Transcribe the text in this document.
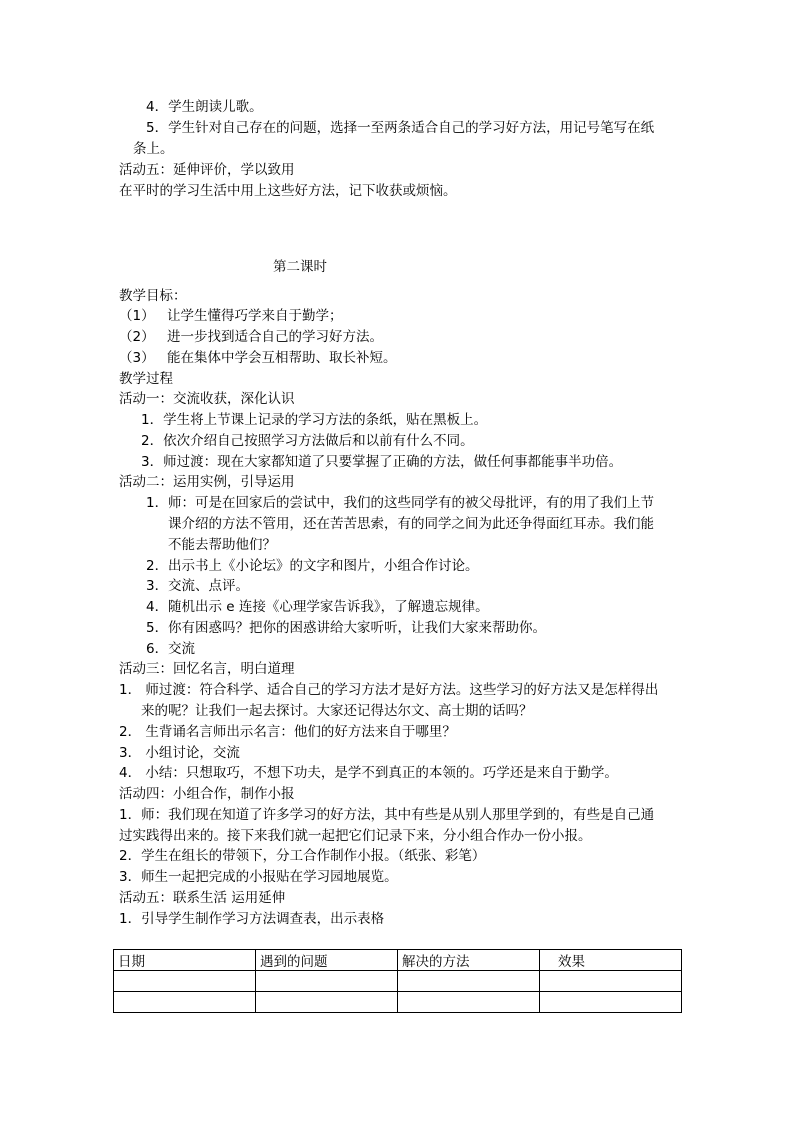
4．学生朗读儿歌。

5．学生针对自己存在的问题，选择一至两条适合自己的学习好方法，用记号笔写在纸

条上。

活动五：延伸评价，学以致用

在平时的学习生活中用上这些好方法，记下收获或烦恼。

第二课时

教学目标：

（1） 让学生懂得巧学来自于勤学；

（2） 进一步找到适合自己的学习好方法。

（3） 能在集体中学会互相帮助、取长补短。

教学过程

活动一：交流收获，深化认识

1．学生将上节课上记录的学习方法的条纸，贴在黑板上。

2．依次介绍自己按照学习方法做后和以前有什么不同。

3．师过渡：现在大家都知道了只要掌握了正确的方法，做任何事都能事半功倍。

活动二：运用实例，引导运用

1． 师：可是在回家后的尝试中，我们的这些同学有的被父母批评，有的用了我们上节

课介绍的方法不管用，还在苦苦思索，有的同学之间为此还争得面红耳赤。我们能

不能去帮助他们？

2．出示书上《小论坛》的文字和图片，小组合作讨论。

3．交流、点评。

4．随机出示 e 连接《心理学家告诉我》，了解遗忘规律。

5．你有困惑吗？把你的困惑讲给大家听听，让我们大家来帮助你。

6．交流

活动三：回忆名言，明白道理

1． 师过渡：符合科学、适合自己的学习方法才是好方法。这些学习的好方法又是怎样得出

来的呢？让我们一起去探讨。大家还记得达尔文、高士期的话吗？

2． 生背诵名言师出示名言：他们的好方法来自于哪里？

3． 小组讨论，交流

4． 小结：只想取巧，不想下功夫，是学不到真正的本领的。巧学还是来自于勤学。

活动四：小组合作，制作小报

1．师：我们现在知道了许多学习的好方法，其中有些是从别人那里学到的，有些是自己通

过实践得出来的。接下来我们就一起把它们记录下来，分小组合作办一份小报。

2．学生在组长的带领下，分工合作制作小报。（纸张、彩笔）

3．师生一起把完成的小报贴在学习园地展览。

活动五：联系生活 运用延伸

1．引导学生制作学习方法调查表，出示表格

日期	遇到的问题	解决的方法	效果
